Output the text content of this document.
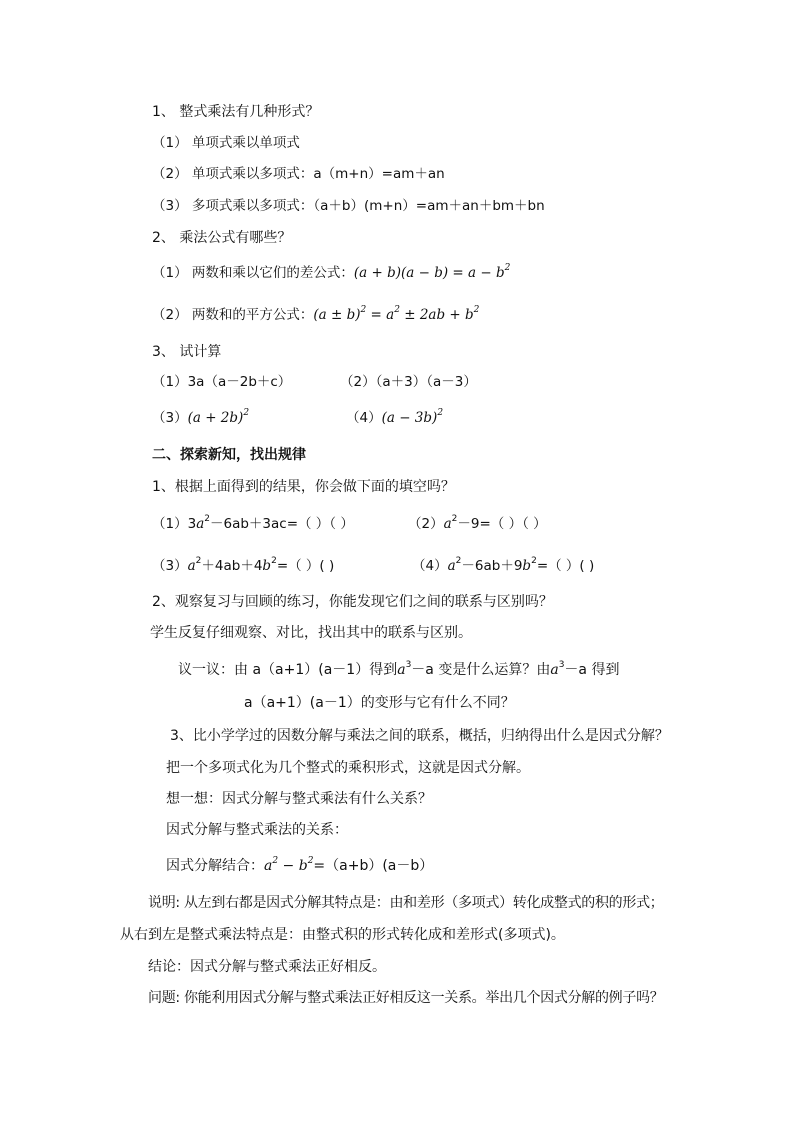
1、 整式乘法有几种形式？
（1） 单项式乘以单项式
（2） 单项式乘以多项式：a（m+n）=am＋an
（3） 多项式乘以多项式：（a＋b）(m+n）=am＋an＋bm＋bn
2、 乘法公式有哪些？
（1） 两数和乘以它们的差公式：$(a + b)(a - b) = a - b^2$
（2） 两数和的平方公式：$(a \pm b)^2 = a^2 \pm 2ab + b^2$
3、 试计算
（1）3a（a－2b＋c）	（2）（a＋3）（a－3）
$(3)(a + 2b)^2$	$(4)(a - 3b)^2$
二、探索新知，找出规律
1、根据上面得到的结果，你会做下面的填空吗？
$(1)3a^2-6ab+3ac=$（ ）（ ）	$(2)a^2-9=$（ ）（ ）
$(3)a^2+4ab+4b^2=$（ ）( )	$(4)a^2-6ab+9b^2=$（ ）( )
2、观察复习与回顾的练习，你能发现它们之间的联系与区别吗？
学生反复仔细观察、对比，找出其中的联系与区别。
议一议：由 a（a+1）(a－1）得到$a^3-a$ 变是什么运算？由$a^3-a$ 得到
a（a+1）(a－1）的变形与它有什么不同？
3、比小学学过的因数分解与乘法之间的联系，概括，归纳得出什么是因式分解？
把一个多项式化为几个整式的乘积形式，这就是因式分解。
想一想：因式分解与整式乘法有什么关系？
因式分解与整式乘法的关系：
因式分解结合：$a^2 - b^2=(a+b)(a-b)$
说明: 从左到右都是因式分解其特点是：由和差形（多项式）转化成整式的积的形式；
从右到左是整式乘法特点是：由整式积的形式转化成和差形式(多项式)。
结论：因式分解与整式乘法正好相反。
问题: 你能利用因式分解与整式乘法正好相反这一关系。举出几个因式分解的例子吗？
